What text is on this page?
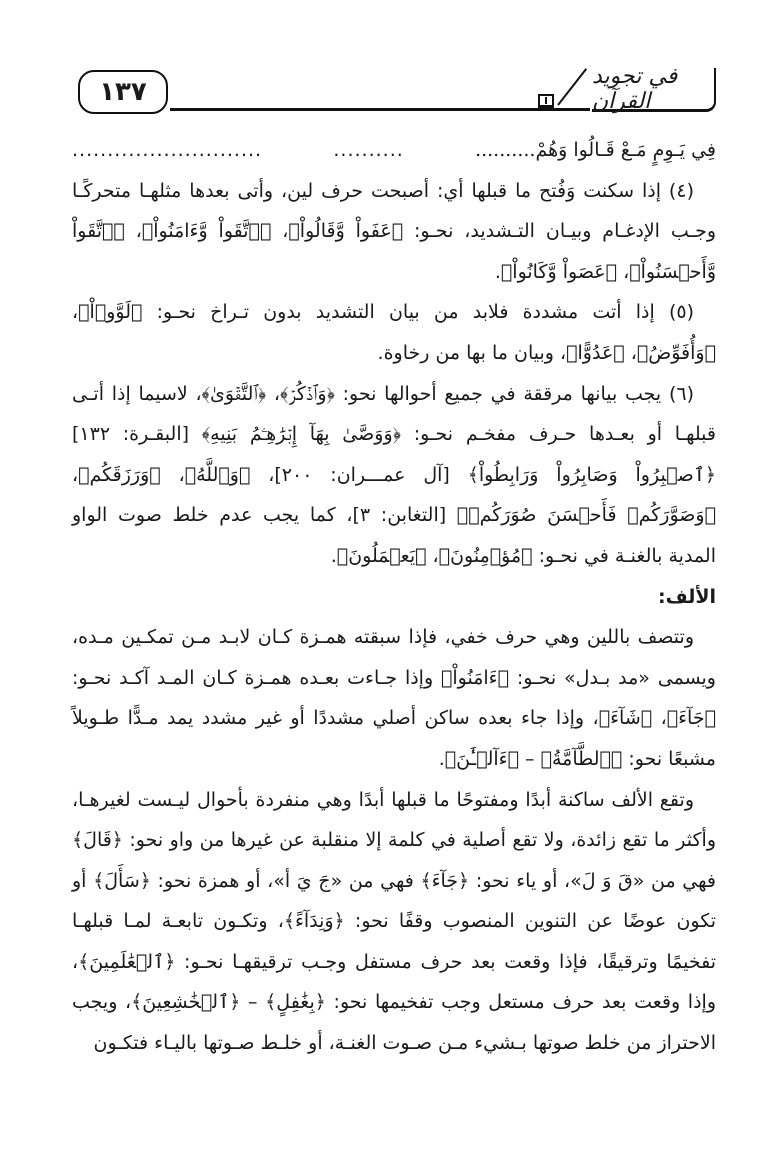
١٣٧
في تجويد القرآن
فِي يَـوِمٍ مَـعْ قَـالُوا وَهُمْ..........
..........
...........................

(٤) إذا سكنت وَفُتح ما قبلها أي: أصبحت حرف لين، وأتى بعدها مثلهـا متحركًـا وجـب الإدغـام وبيـان التـشديد، نحـو: ﴿عَفَواْ وَّقَالُواْ﴾، ﴿ٱتَّقَواْ وَّءَامَنُواْ﴾، ﴿ٱتَّقَواْ وَّأَحۡسَنُواْ﴾، ﴿عَصَواْ وَّكَانُواْ﴾.

(٥) إذا أتت مشددة فلابد من بيان التشديد بدون تـراخ نحـو: ﴿لَوَّوۡاْ﴾، ﴿وَأُفَوِّضُ﴾، ﴿عَدُوًّا﴾، وبيان ما بها من رخاوة.

(٦) يجب بيانها مرققة في جميع أحوالها نحو: ﴿وَٱذۡكُرۡ﴾، ﴿ٱلتَّقۡوَىٰ﴾، لاسيما إذا أتـى قبلهـا أو بعـدها حـرف مفخـم نحـو: ﴿وَوَصَّىٰ بِهَآ إِبۡرَٰهِـۧمُ بَنِيهِ﴾ [البقـرة: ١٣٢] ﴿ٱصۡبِرُواْ وَصَابِرُواْ وَرَابِطُواْ﴾ [آل عمـــران: ٢٠٠]، ﴿وَٱللَّهُ﴾، ﴿وَرَزَقَكُم﴾، ﴿وَصَوَّرَكُمۡ فَأَحۡسَنَ صُوَرَكُمۡ﴾ [التغابن: ٣]، كما يجب عدم خلط صوت الواو المدية بالغنـة في نحـو: ﴿مُؤۡمِنُونَ﴾، ﴿يَعۡمَلُونَ﴾.

الألف:

وتتصف باللين وهي حرف خفي، فإذا سبقته همـزة كـان لابـد مـن تمكـين مـده، ويسمى «مد بـدل» نحـو: ﴿ءَامَنُواْ﴾ وإذا جـاءت بعـده همـزة كـان المـد آكـد نحـو: ﴿جَآءَ﴾، ﴿شَآءَ﴾، وإذا جاء بعده ساكن أصلي مشددًا أو غير مشدد يمد مـدًّا طـويلاً مشبعًا نحو: ﴿ٱلطَّآمَّةُ﴾ – ﴿ءَآلۡـَٰٔنَ﴾.

وتقع الألف ساكنة أبدًا ومفتوحًا ما قبلها أبدًا وهي منفردة بأحوال ليـست لغيرهـا، وأكثر ما تقع زائدة، ولا تقع أصلية في كلمة إلا منقلبة عن غيرها من واو نحو: ﴿قَالَ﴾ فهي من «قَ وَ لَ»، أو ياء نحو: ﴿جَآءَ﴾ فهي من «جَ يَ أ»، أو همزة نحو: ﴿سَأَلَ﴾ أو تكون عوضًا عن التنوين المنصوب وقفًا نحو: ﴿وَنِدَآءً﴾، وتكـون تابعـة لمـا قبلهـا تفخيمًا وترقيقًا، فإذا وقعت بعد حرف مستفل وجـب ترقيقهـا نحـو: ﴿ٱلۡعَٰلَمِينَ﴾، وإذا وقعت بعد حرف مستعل وجب تفخيمها نحو: ﴿بِغَٰفِلٍ﴾ – ﴿ٱلۡخَٰشِعِينَ﴾، ويجب الاحتراز من خلط صوتها بـشيء مـن صـوت الغنـة، أو خلـط صـوتها باليـاء فتكـون
